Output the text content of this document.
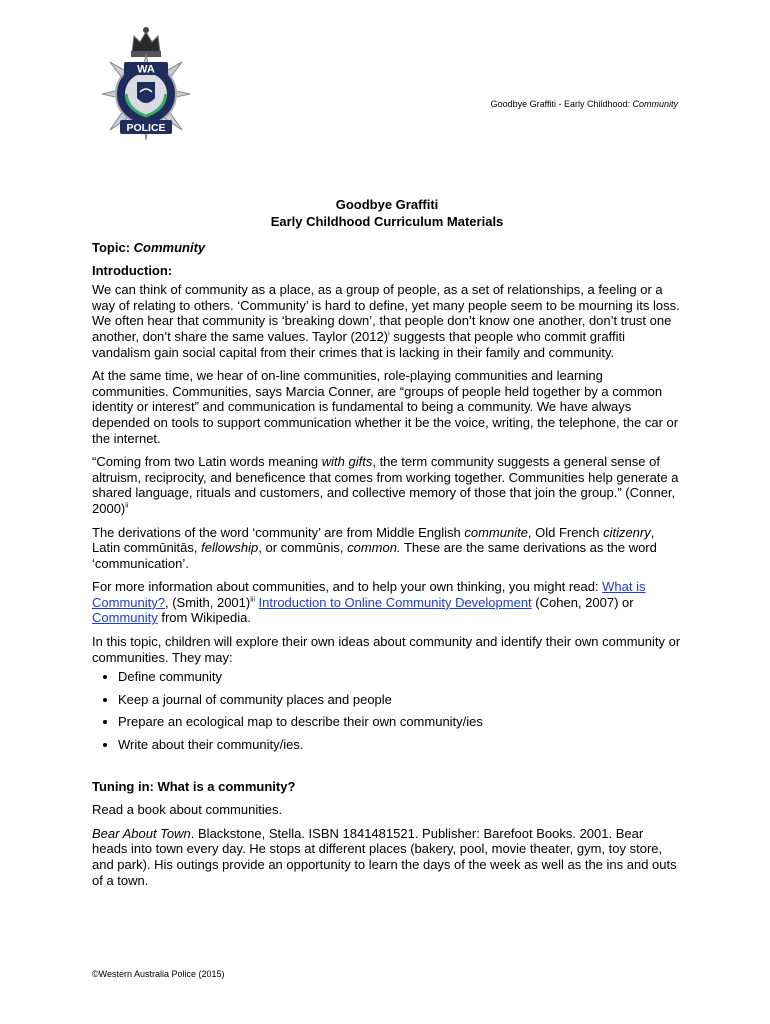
WA
POLICE
Goodbye Graffiti - Early Childhood: Community
Goodbye Graffiti
Early Childhood Curriculum Materials
Topic: Community
Introduction:

We can think of community as a place, as a group of people, as a set of relationships, a feeling or a way of relating to others. ‘Community’ is hard to define, yet many people seem to be mourning its loss. We often hear that community is ‘breaking down’, that people don’t know one another, don’t trust one another, don’t share the same values. Taylor $(2012)^i$ suggests that people who commit graffiti vandalism gain social capital from their crimes that is lacking in their family and community.

At the same time, we hear of on-line communities, role-playing communities and learning communities. Communities, says Marcia Conner, are “groups of people held together by a common identity or interest” and communication is fundamental to being a community. We have always depended on tools to support communication whether it be the voice, writing, the telephone, the car or the internet.

“Coming from two Latin words meaning with gifts, the term community suggests a general sense of altruism, reciprocity, and beneficence that comes from working together. Communities help generate a shared language, rituals and customers, and collective memory of those that join the group.” (Conner, 2000)$^{ii}$

The derivations of the word ‘community’ are from Middle English communite, Old French citizenry, Latin commūnitās, fellowship, or commūnis, common. These are the same derivations as the word ‘communication’.

For more information about communities, and to help your own thinking, you might read: What is Community?, (Smith, 2001)$^{iii}$ Introduction to Online Community Development (Cohen, 2007) or Community from Wikipedia.

In this topic, children will explore their own ideas about community and identify their own community or communities. They may:

• Define community
• Keep a journal of community places and people
• Prepare an ecological map to describe their own community/ies
• Write about their community/ies.
Tuning in: What is a community?

Read a book about communities.

Bear About Town. Blackstone, Stella. ISBN 1841481521. Publisher: Barefoot Books. 2001. Bear heads into town every day. He stops at different places (bakery, pool, movie theater, gym, toy store, and park). His outings provide an opportunity to learn the days of the week as well as the ins and outs of a town.

©Western Australia Police (2015)
